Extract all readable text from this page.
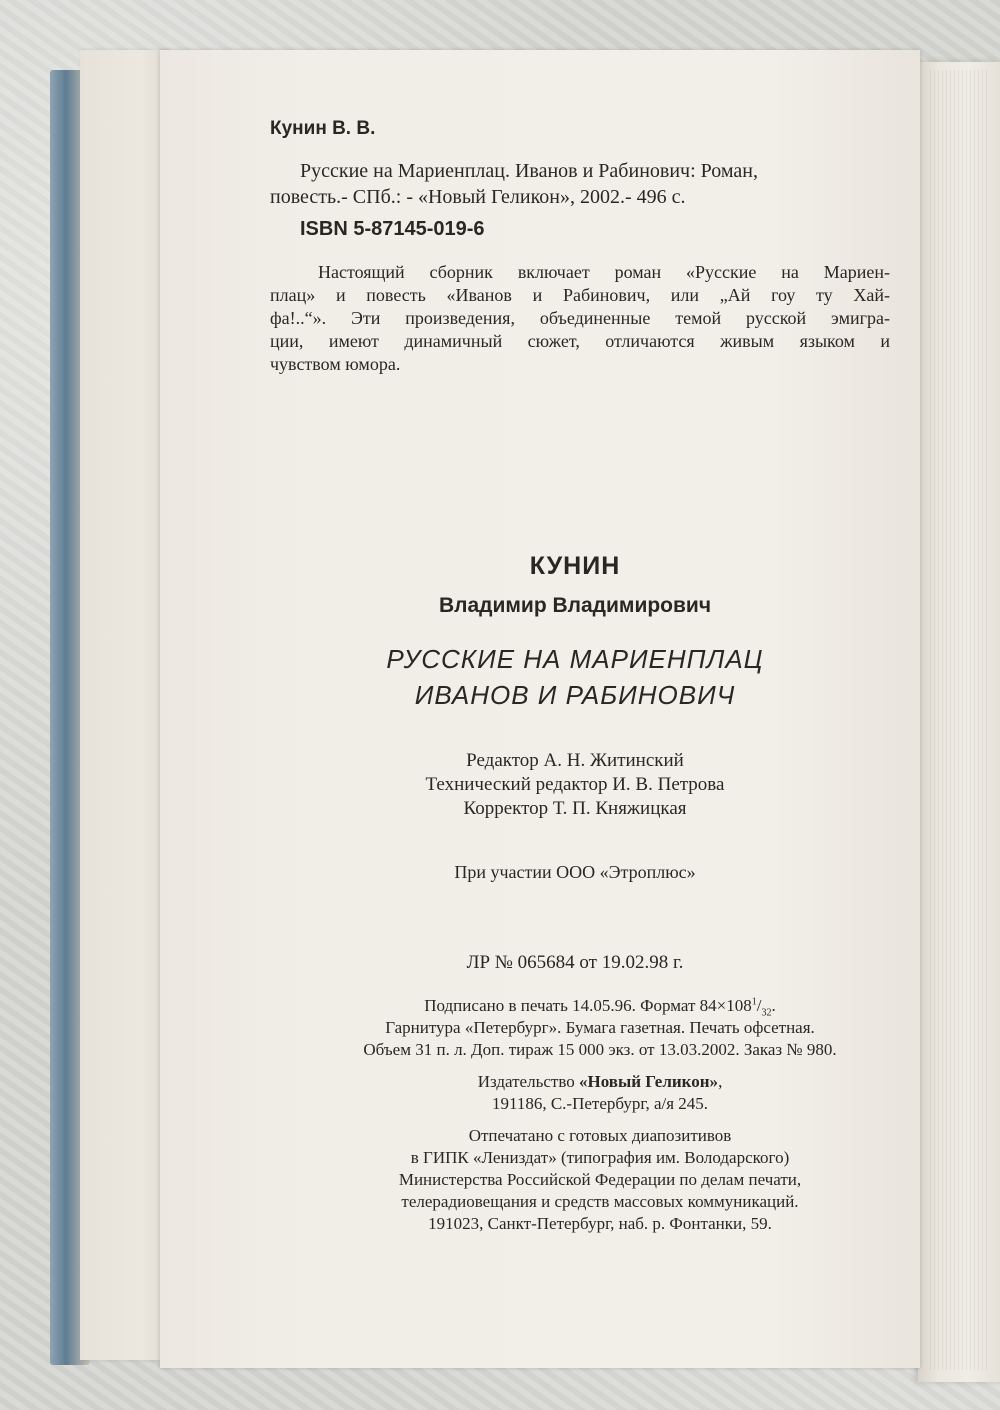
Кунин В. В.
Русские на Мариенплац. Иванов и Рабинович: Роман,
повесть.- СПб.: - «Новый Геликон», 2002.- 496 с.
ISBN 5-87145-019-6
Настоящий сборник включает роман «Русские на Мариен-
плац» и повесть «Иванов и Рабинович, или „Ай гоу ту Хай-
фа!..“». Эти произведения, объединенные темой русской эмигра-
ции, имеют динамичный сюжет, отличаются живым языком и
чувством юмора.
КУНИН
Владимир Владимирович
РУССКИЕ НА МАРИЕНПЛАЦ
ИВАНОВ И РАБИНОВИЧ
Редактор А. Н. Житинский
Технический редактор И. В. Петрова
Корректор Т. П. Княжицкая
При участии ООО «Этроплюс»
ЛР № 065684 от 19.02.98 г.
Подписано в печать 14.05.96. Формат $84\times 108^1/_{32}$.
Гарнитура «Петербург». Бумага газетная. Печать офсетная.
Объем 31 п. л. Доп. тираж 15 000 экз. от 13.03.2002. Заказ № 980.
Издательство «Новый Геликон»,
191186, С.-Петербург, а/я 245.
Отпечатано с готовых диапозитивов
в ГИПК «Лениздат» (типография им. Володарского)
Министерства Российской Федерации по делам печати,
телерадиовещания и средств массовых коммуникаций.
191023, Санкт-Петербург, наб. р. Фонтанки, 59.
